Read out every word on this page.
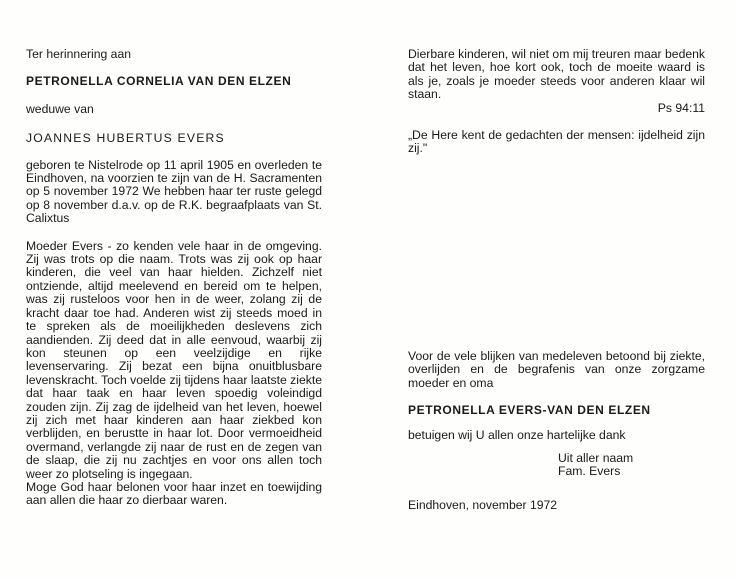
Ter herinnering aan

PETRONELLA CORNELIA VAN DEN ELZEN

weduwe van

JOANNES HUBERTUS EVERS

geboren te Nistelrode op 11 april 1905 en overleden te Eindhoven, na voorzien te zijn van de H. Sacramenten op 5 november 1972 We hebben haar ter ruste gelegd op 8 november d.a.v. op de R.K. begraafplaats van St. Calixtus

Moeder Evers - zo kenden vele haar in de omgeving. Zij was trots op die naam. Trots was zij ook op haar kinderen, die veel van haar hielden. Zichzelf niet ontziende, altijd meelevend en bereid om te helpen, was zij rusteloos voor hen in de weer, zolang zij de kracht daar toe had. Anderen wist zij steeds moed in te spreken als de moeilijkheden deslevens zich aandienden. Zij deed dat in alle eenvoud, waarbij zij kon steunen op een veelzijdige en rijke levenservaring. Zij bezat een bijna onuitblusbare levenskracht. Toch voelde zij tijdens haar laatste ziekte dat haar taak en haar leven spoedig voleindigd zouden zijn. Zij zag de ijdelheid van het leven, hoewel zij zich met haar kinderen aan haar ziekbed kon verblijden, en berustte in haar lot. Door vermoeidheid overmand, verlangde zij naar de rust en de zegen van de slaap, die zij nu zachtjes en voor ons allen toch weer zo plotseling is ingegaan.

Moge God haar belonen voor haar inzet en toewijding aan allen die haar zo dierbaar waren.

Dierbare kinderen, wil niet om mij treuren maar bedenk dat het leven, hoe kort ook, toch de moeite waard is als je, zoals je moeder steeds voor anderen klaar wil staan.

Ps 94:11

„De Here kent de gedachten der mensen: ijdelheid zijn zij."

Voor de vele blijken van medeleven betoond bij ziekte, overlijden en de begrafenis van onze zorgzame moeder en oma

PETRONELLA EVERS-VAN DEN ELZEN

betuigen wij U allen onze hartelijke dank

Uit aller naam
Fam. Evers

Eindhoven, november 1972
